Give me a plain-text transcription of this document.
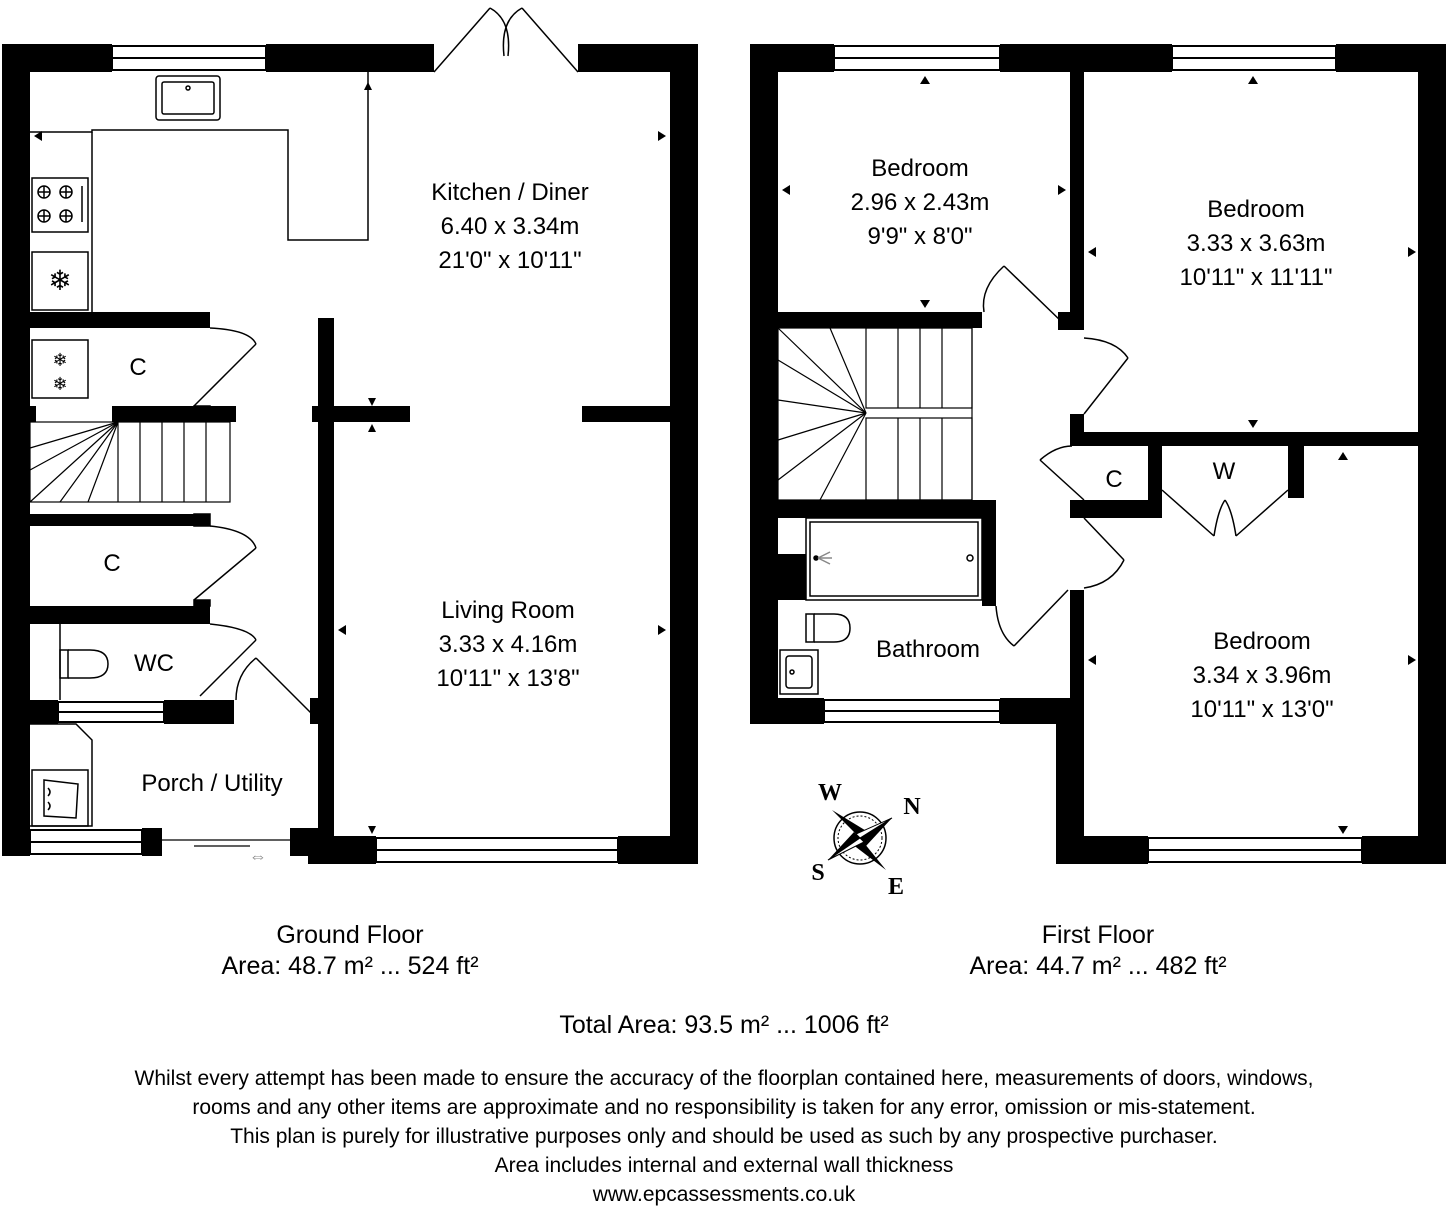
❄
❄
❄
⇔
Kitchen / Diner
6.40 x 3.34m
21'0" x 10'11"
Living Room
3.33 x 4.16m
10'11" x 13'8"
C
C
WC
Porch / Utility
Bedroom
2.96 x 2.43m
9'9" x 8'0"
Bedroom
3.33 x 3.63m
10'11" x 11'11"
Bedroom
3.34 x 3.96m
10'11" x 13'0"
Bathroom
C	W
W
N
S
E
Ground Floor
Area: 48.7 m² ... 524 ft²
First Floor
Area: 44.7 m² ... 482 ft²
Total Area: 93.5 m² ... 1006 ft²
Whilst every attempt has been made to ensure the accuracy of the floorplan contained here, measurements of doors, windows,
rooms and any other items are approximate and no responsibility is taken for any error, omission or mis-statement.
This plan is purely for illustrative purposes only and should be used as such by any prospective purchaser.
Area includes internal and external wall thickness
www.epcassessments.co.uk
